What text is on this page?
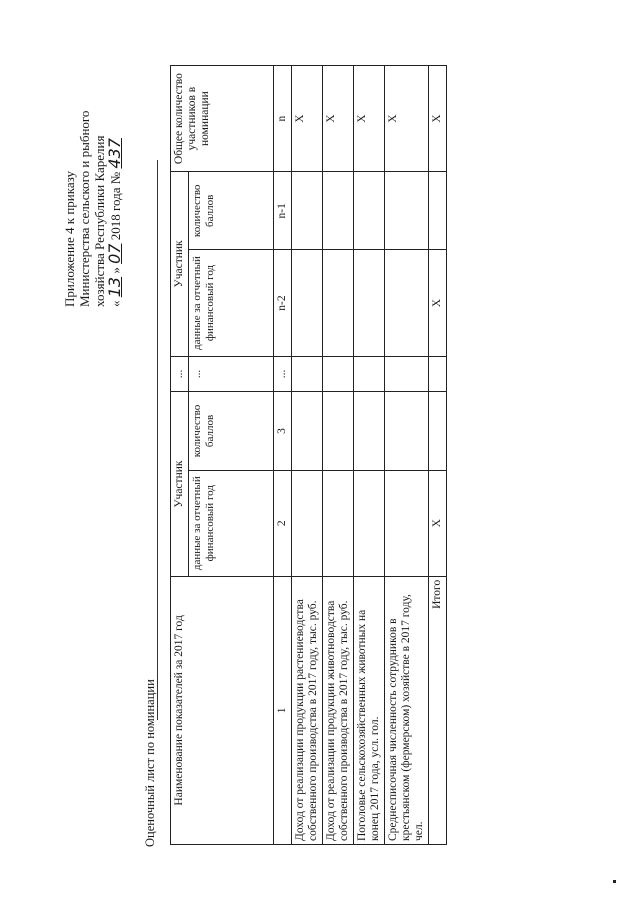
Приложение 4 к приказу Министерства сельского и рыбного хозяйства Республики Карелия « 13 » 07 2018 года № 437
Оценочный лист по номинации Наименование показателей за 2017 год	Участник		...	Участник		Общее количество участников в номинации
	данные за отчетный финансовый год	количество баллов	...	данные за отчетный финансовый год	количество баллов	
1	2	3	...	n-2	n-1	n
Доход от реализации продукции растениеводства собственного производства в 2017 году, тыс. руб.						X
Доход от реализации продукции животноводства собственного производства в 2017 году, тыс. руб.						X
Поголовье сельскохозяйственных животных на конец 2017 года, усл. гол.						X
Среднесписочная численность сотрудников в крестьянском (фермерском) хозяйстве в 2017 году, чел.						X
Итого	X			X		X
